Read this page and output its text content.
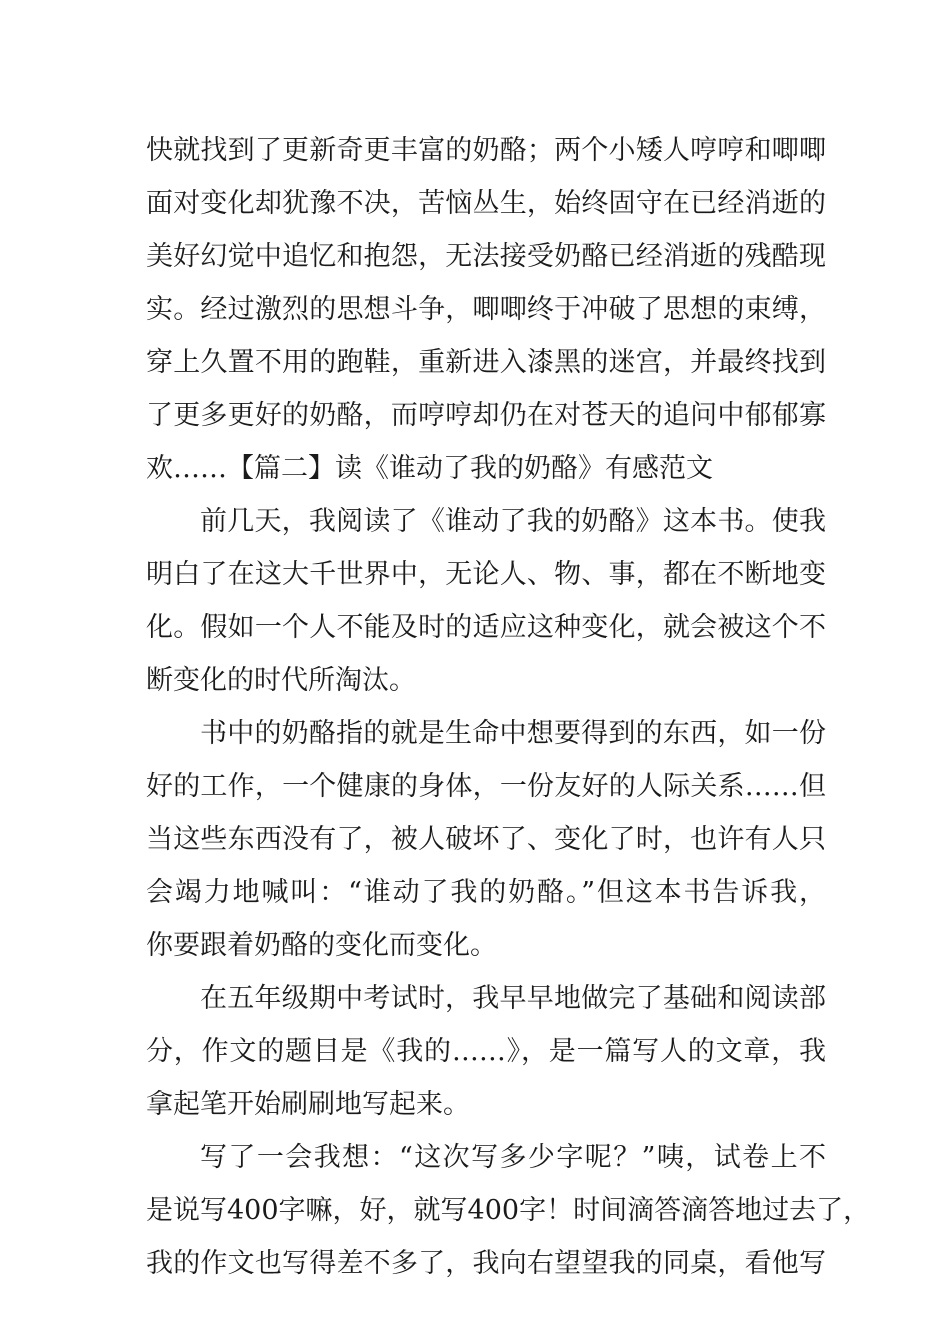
快就找到了更新奇更丰富的奶酪；两个小矮人哼哼和唧唧
面对变化却犹豫不决，苦恼丛生，始终固守在已经消逝的
美好幻觉中追忆和抱怨，无法接受奶酪已经消逝的残酷现
实。经过激烈的思想斗争，唧唧终于冲破了思想的束缚，
穿上久置不用的跑鞋，重新进入漆黑的迷宫，并最终找到
了更多更好的奶酪，而哼哼却仍在对苍天的追问中郁郁寡
欢……【篇二】读《谁动了我的奶酪》有感范文
前几天，我阅读了《谁动了我的奶酪》这本书。使我
明白了在这大千世界中，无论人、物、事，都在不断地变
化。假如一个人不能及时的适应这种变化，就会被这个不
断变化的时代所淘汰。
书中的奶酪指的就是生命中想要得到的东西，如一份
好的工作，一个健康的身体，一份友好的人际关系……但
当这些东西没有了，被人破坏了、变化了时，也许有人只
会竭力地喊叫：“谁动了我的奶酪。”但这本书告诉我，
你要跟着奶酪的变化而变化。
在五年级期中考试时，我早早地做完了基础和阅读部
分，作文的题目是《我的……》，是一篇写人的文章，我
拿起笔开始刷刷地写起来。
写了一会我想：“这次写多少字呢？”咦，试卷上不
是说写400字嘛，好，就写400字！时间滴答滴答地过去了，
我的作文也写得差不多了，我向右望望我的同桌，看他写
